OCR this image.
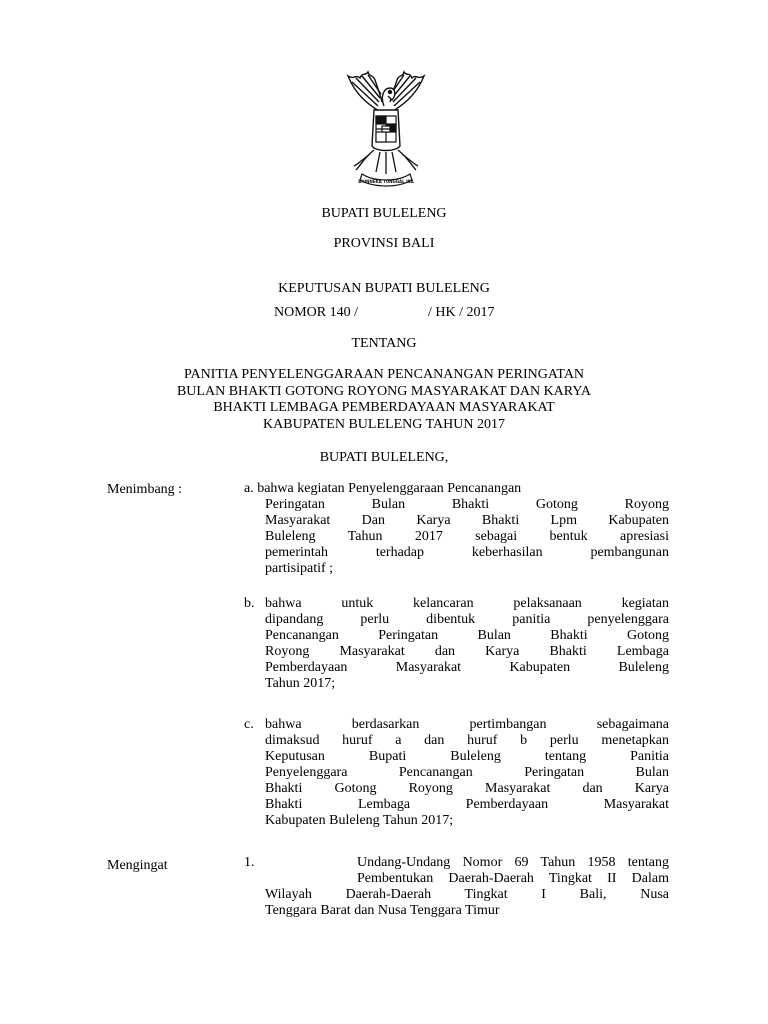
BHINNEKA TUNGGAL IKA
BUPATI BULELENG
PROVINSI BALI
KEPUTUSAN BUPATI BULELENG
NOMOR 140 /	/ HK / 2017
TENTANG
PANITIA PENYELENGGARAAN PENCANANGAN PERINGATAN
BULAN BHAKTI GOTONG ROYONG MASYARAKAT DAN KARYA
BHAKTI LEMBAGA PEMBERDAYAAN MASYARAKAT
KABUPATEN BULELENG TAHUN 2017
BUPATI BULELENG,
Menimbang :	a. bahwa kegiatan Penyelenggaraan Pencanangan
Peringatan Bulan Bhakti Gotong Royong
Masyarakat Dan Karya Bhakti Lpm Kabupaten
Buleleng Tahun 2017 sebagai bentuk apresiasi
pemerintah terhadap keberhasilan pembangunan
partisipatif ;
b. bahwa untuk kelancaran pelaksanaan kegiatan
dipandang perlu dibentuk panitia penyelenggara
Pencanangan Peringatan Bulan Bhakti Gotong
Royong Masyarakat dan Karya Bhakti Lembaga
Pemberdayaan Masyarakat Kabupaten Buleleng
Tahun 2017;
c. bahwa berdasarkan pertimbangan sebagaimana
dimaksud huruf a dan huruf b perlu menetapkan
Keputusan Bupati Buleleng tentang Panitia
Penyelenggara Pencanangan Peringatan Bulan
Bhakti Gotong Royong Masyarakat dan Karya
Bhakti Lembaga Pemberdayaan Masyarakat
Kabupaten Buleleng Tahun 2017;
Mengingat	1.	Undang-Undang Nomor 69 Tahun 1958 tentang
Pembentukan Daerah-Daerah Tingkat II Dalam
Wilayah Daerah-Daerah Tingkat I Bali, Nusa
Tenggara Barat dan Nusa Tenggara Timur
